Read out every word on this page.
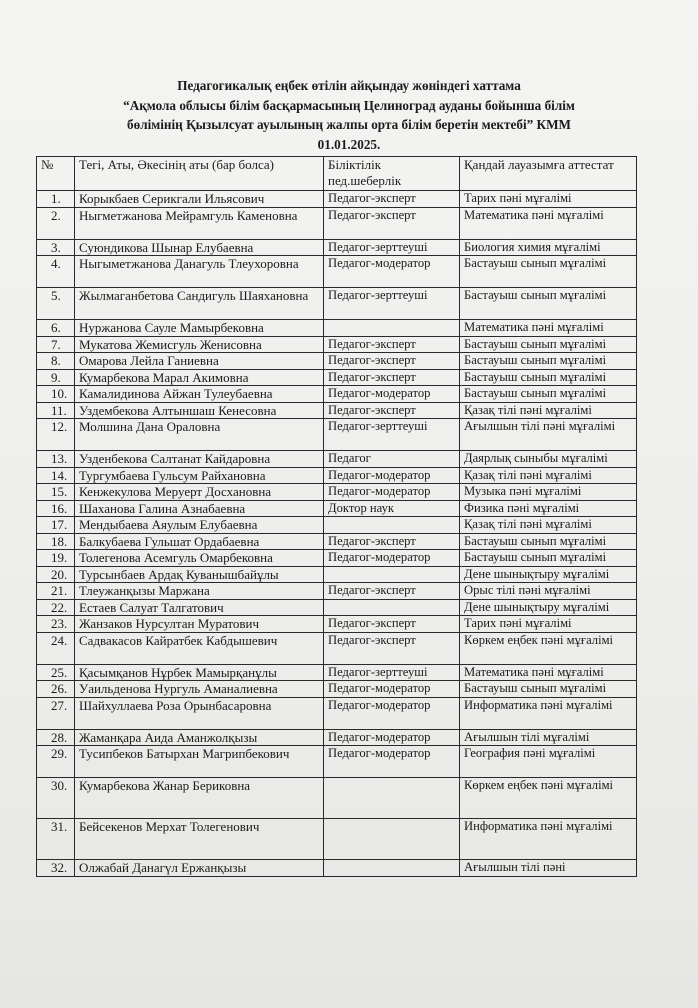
Педагогикалық еңбек өтілін айқындау жөніндегі хаттама
“Ақмола облысы білім басқармасының Целиноград ауданы бойынша білім
бөлімінің Қызылсуат ауылының жалпы орта білім беретін мектебі” КММ
01.01.2025.
№	Тегі, Аты, Әкесінің аты (бар болса)	Біліктілік пед.шеберлік	Қандай лауазымға аттестат
1.	Корыкбаев Серикгали Ильясович	Педагог-эксперт	Тарих пәні мұғалімі
2.	Ныгметжанова Мейрамгуль Каменовна	Педагог-эксперт	Математика пәні мұғалімі
3.	Суюндикова Шынар Елубаевна	Педагог-зерттеуші	Биология химия мұғалімі
4.	Ныгыметжанова Данагуль Тлеухоровна	Педагог-модератор	Бастауыш сынып мұғалімі
5.	Жылмаганбетова Сандигуль Шаяхановна	Педагог-зерттеуші	Бастауыш сынып мұғалімі
6.	Нуржанова Сауле Мамырбековна		Математика пәні мұғалімі
7.	Мукатова Жемисгуль Женисовна	Педагог-эксперт	Бастауыш сынып мұғалімі
8.	Омарова Лейла Ганиевна	Педагог-эксперт	Бастауыш сынып мұғалімі
9.	Кумарбекова Марал Акимовна	Педагог-эксперт	Бастауыш сынып мұғалімі
10.	Камалидинова Айжан Тулеубаевна	Педагог-модератор	Бастауыш сынып мұғалімі
11.	Уздембекова Алтыншаш Кенесовна	Педагог-эксперт	Қазақ тілі пәні мұғалімі
12.	Молшина Дана Ораловна	Педагог-зерттеуші	Ағылшын тілі пәні мұғалімі
13.	Узденбекова Салтанат Кайдаровна	Педагог	Даярлық сыныбы мұғалімі
14.	Тургумбаева Гульсум Райхановна	Педагог-модератор	Қазақ тілі пәні мұғалімі
15.	Кенжекулова Меруерт Досхановна	Педагог-модератор	Музыка пәні мұғалімі
16.	Шаханова Галина Азнабаевна	Доктор наук	Физика пәні мұғалімі
17.	Мендыбаева Аяулым Елубаевна		Қазақ тілі пәні мұғалімі
18.	Балкубаева Гульшат Ордабаевна	Педагог-эксперт	Бастауыш сынып мұғалімі
19.	Толегенова Асемгуль Омарбековна	Педагог-модератор	Бастауыш сынып мұғалімі
20.	Турсынбаев Ардақ Куванышбайұлы		Дене шынықтыру мұғалімі
21.	Тлеужанқызы Маржана	Педагог-эксперт	Орыс тілі пәні мұғалімі
22.	Естаев Салуат Талгатович		Дене шынықтыру мұғалімі
23.	Жанзаков Нурсултан Муратович	Педагог-эксперт	Тарих пәні мұғалімі
24.	Садвакасов Кайратбек Кабдышевич	Педагог-эксперт	Көркем еңбек пәні мұғалімі
25.	Қасымқанов Нұрбек Мамырқанұлы	Педагог-зерттеуші	Математика пәні мұғалімі
26.	Уаильденова Нургуль Аманалиевна	Педагог-модератор	Бастауыш сынып мұғалімі
27.	Шайхуллаева Роза Орынбасаровна	Педагог-модератор	Информатика пәні мұғалімі
28.	Жаманқара Аида Аманжолқызы	Педагог-модератор	Ағылшын тілі мұғалімі
29.	Тусипбеков Батырхан Магрипбекович	Педагог-модератор	География пәні мұғалімі
30.	Кумарбекова Жанар Бериковна		Көркем еңбек пәні мұғалімі
31.	Бейсекенов Мерхат Толегенович		Информатика пәні мұғалімі
32.	Олжабай Данагүл Ержанқызы		Ағылшын тілі пәні
